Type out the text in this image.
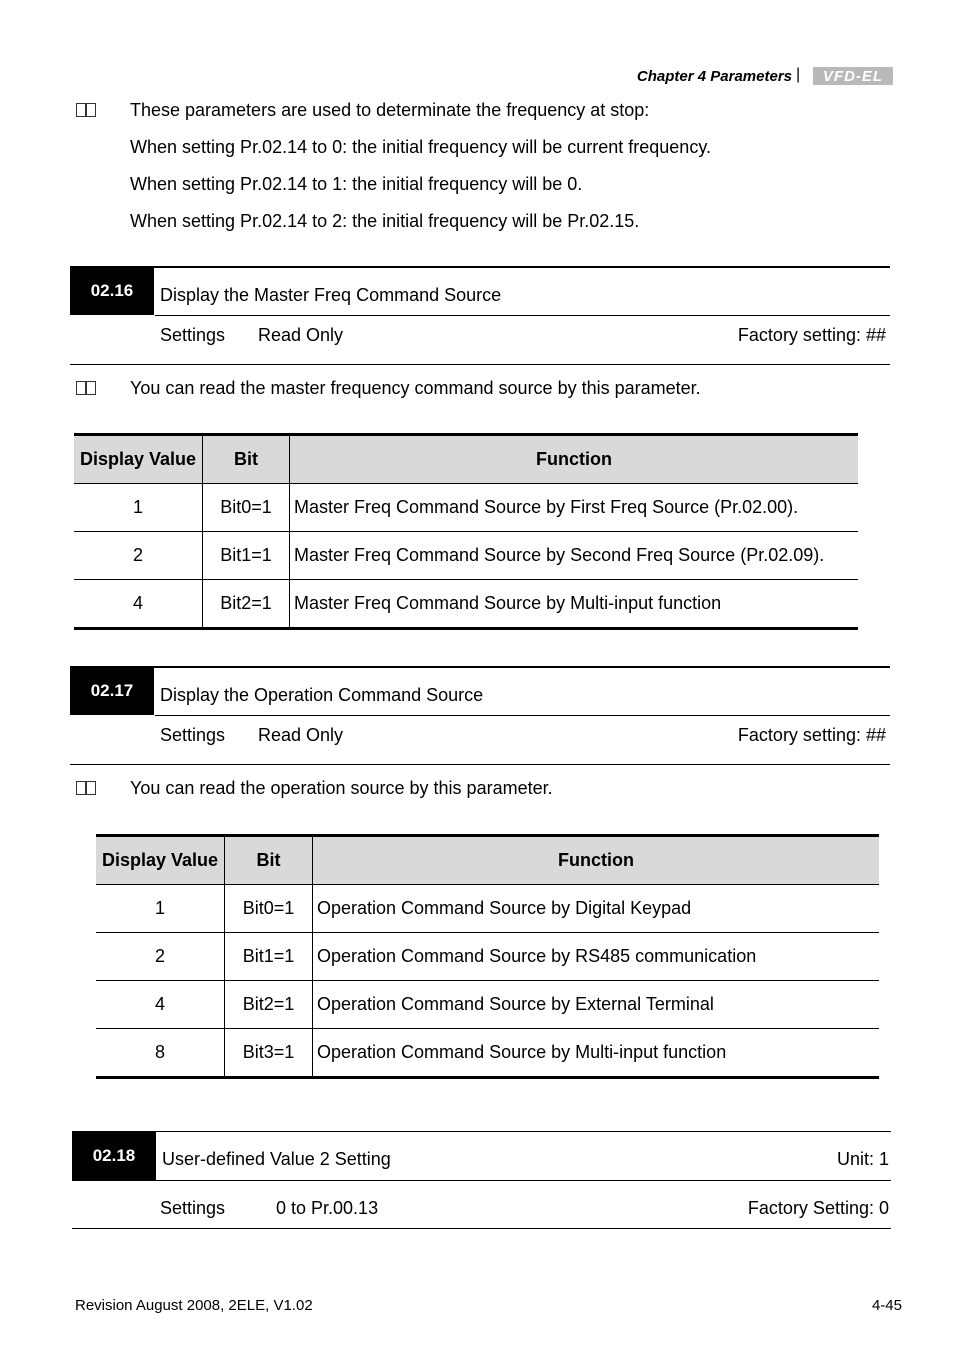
Chapter 4 Parameters |	VFD-EL
These parameters are used to determinate the frequency at stop:
When setting Pr.02.14 to 0: the initial frequency will be current frequency.
When setting Pr.02.14 to 1: the initial frequency will be 0.
When setting Pr.02.14 to 2: the initial frequency will be Pr.02.15.
02.16	Display the Master Freq Command Source
Settings Read Only	Factory setting: ##
You can read the master frequency command source by this parameter.
Display Value	Bit	Function
1	Bit0=1	Master Freq Command Source by First Freq Source (Pr.02.00).
2	Bit1=1	Master Freq Command Source by Second Freq Source (Pr.02.09).
4	Bit2=1	Master Freq Command Source by Multi-input function
02.17	Display the Operation Command Source
Settings Read Only	Factory setting: ##
You can read the operation source by this parameter.
Display Value	Bit	Function
1	Bit0=1	Operation Command Source by Digital Keypad
2	Bit1=1	Operation Command Source by RS485 communication
4	Bit2=1	Operation Command Source by External Terminal
8	Bit3=1	Operation Command Source by Multi-input function
02.18	User-defined Value 2 Setting	Unit: 1
Settings	0 to Pr.00.13	Factory Setting: 0
Revision August 2008, 2ELE, V1.02	4-45
